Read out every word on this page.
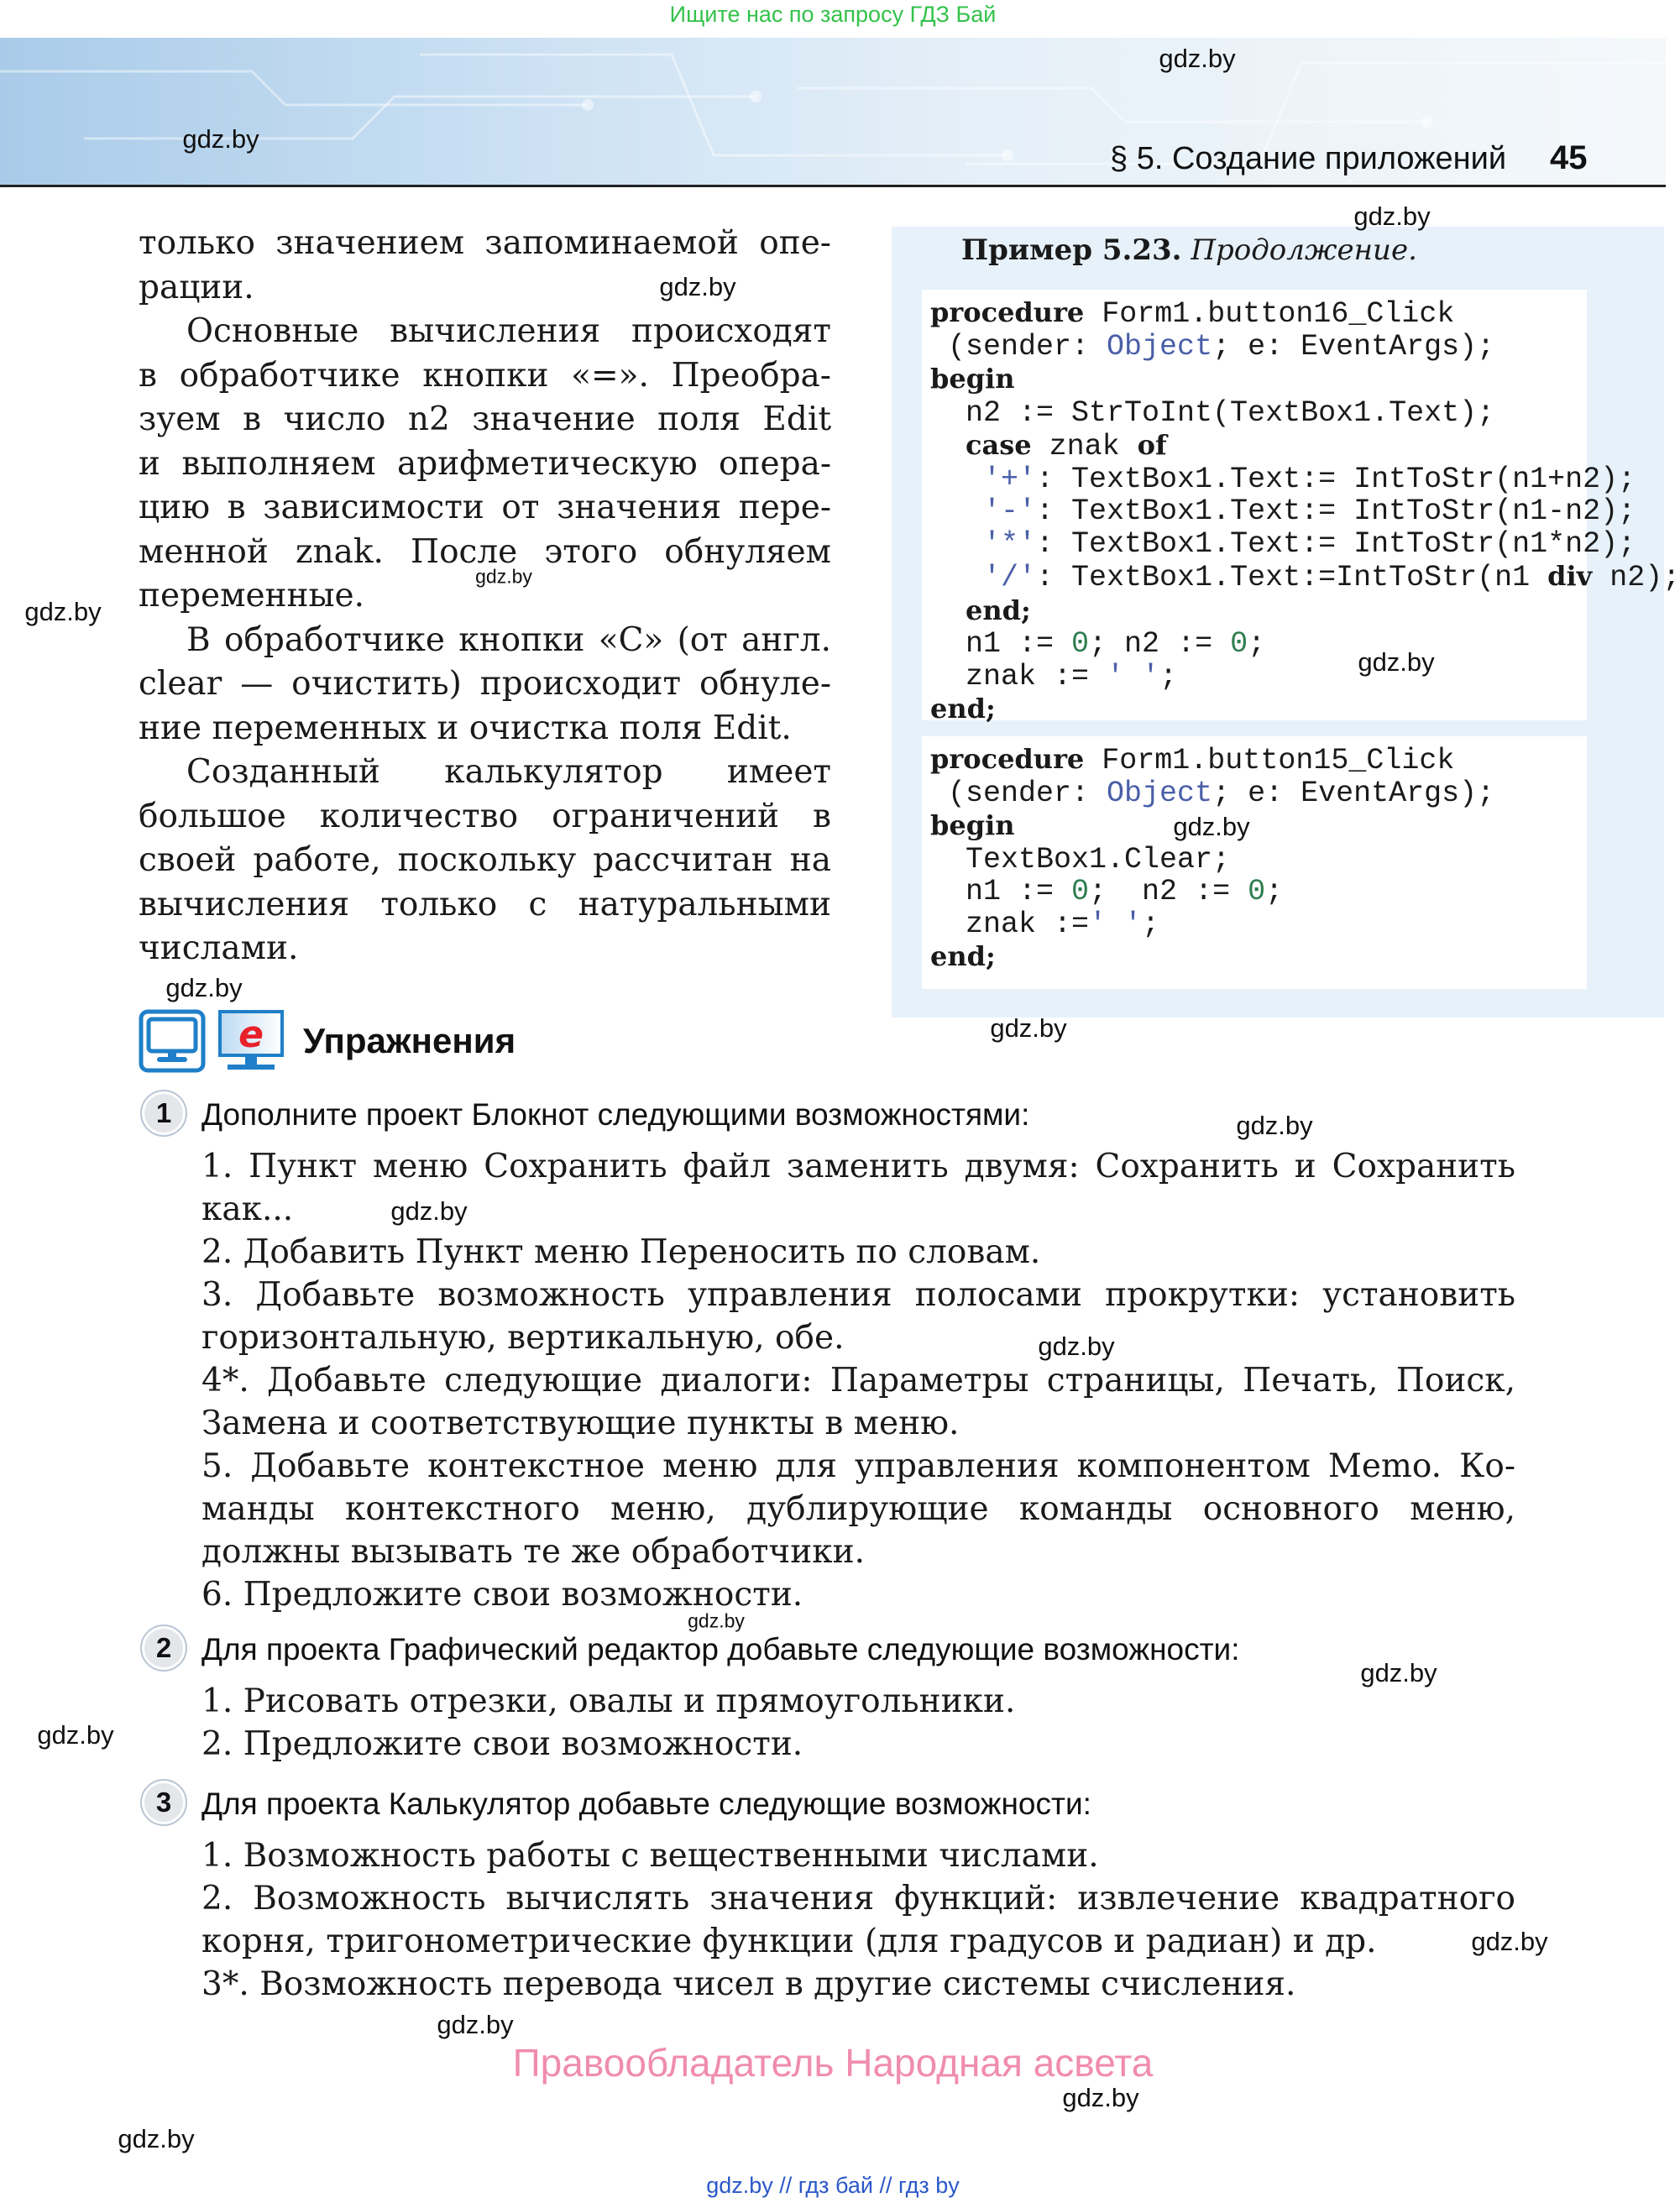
Ищите нас по запросу ГДЗ Бай
§ 5. Создание приложений 45
только значением запоминаемой опе-
рации.
Основные вычисления происходят
в обработчике кнопки «=». Преобра-
зуем в число n2 значение поля Edit
и выполняем арифметическую опера-
цию в зависимости от значения пере-
менной znak. После этого обнуляем
переменные.
В обработчике кнопки «С» (от англ.
clear — очистить) происходит обнуле-
ние переменных и очистка поля Edit.
Созданный калькулятор имеет
большое количество ограничений в
своей работе, поскольку рассчитан на
вычисления только с натуральными
числами.
Пример 5.23. Продолжение.
procedure Form1.button16_Click
(sender: Object; e: EventArgs);
begin
n2 := StrToInt(TextBox1.Text);
case znak of
'+': TextBox1.Text:= IntToStr(n1+n2);
'-': TextBox1.Text:= IntToStr(n1-n2);
'*': TextBox1.Text:= IntToStr(n1*n2);
'/': TextBox1.Text:=IntToStr(n1 div n2);
end;
n1 := 0; n2 := 0;
znak := ' ';
end;
procedure Form1.button15_Click
(sender: Object; e: EventArgs);
begin
TextBox1.Clear;
n1 := 0;  n2 := 0;
znak :=' ';
end;
e Упражнения
1 Дополните проект Блокнот следующими возможностями:
1. Пункт меню Сохранить файл заменить двумя: Сохранить и Сохранить
как...
2. Добавить Пункт меню Переносить по словам.
3. Добавьте возможность управления полосами прокрутки: установить
горизонтальную, вертикальную, обе.
4*. Добавьте следующие диалоги: Параметры страницы, Печать, Поиск,
Замена и соответствующие пункты в меню.
5. Добавьте контекстное меню для управления компонентом Memo. Ко-
манды контекстного меню, дублирующие команды основного меню,
должны вызывать те же обработчики.
6. Предложите свои возможности.
2 Для проекта Графический редактор добавьте следующие возможности:
1. Рисовать отрезки, овалы и прямоугольники.
2. Предложите свои возможности.
3 Для проекта Калькулятор добавьте следующие возможности:
1. Возможность работы с вещественными числами.
2. Возможность вычислять значения функций: извлечение квадратного
корня, тригонометрические функции (для градусов и радиан) и др.
3*. Возможность перевода чисел в другие системы счисления.
Правообладатель Народная асвета
gdz.by // гдз бай // гдз by
gdz.by
gdz.by
gdz.by
gdz.by
gdz.by
gdz.by
gdz.by
gdz.by
gdz.by
gdz.by
gdz.by
gdz.by
gdz.by
gdz.by
gdz.by
gdz.by
gdz.by
gdz.by
gdz.by
gdz.by
